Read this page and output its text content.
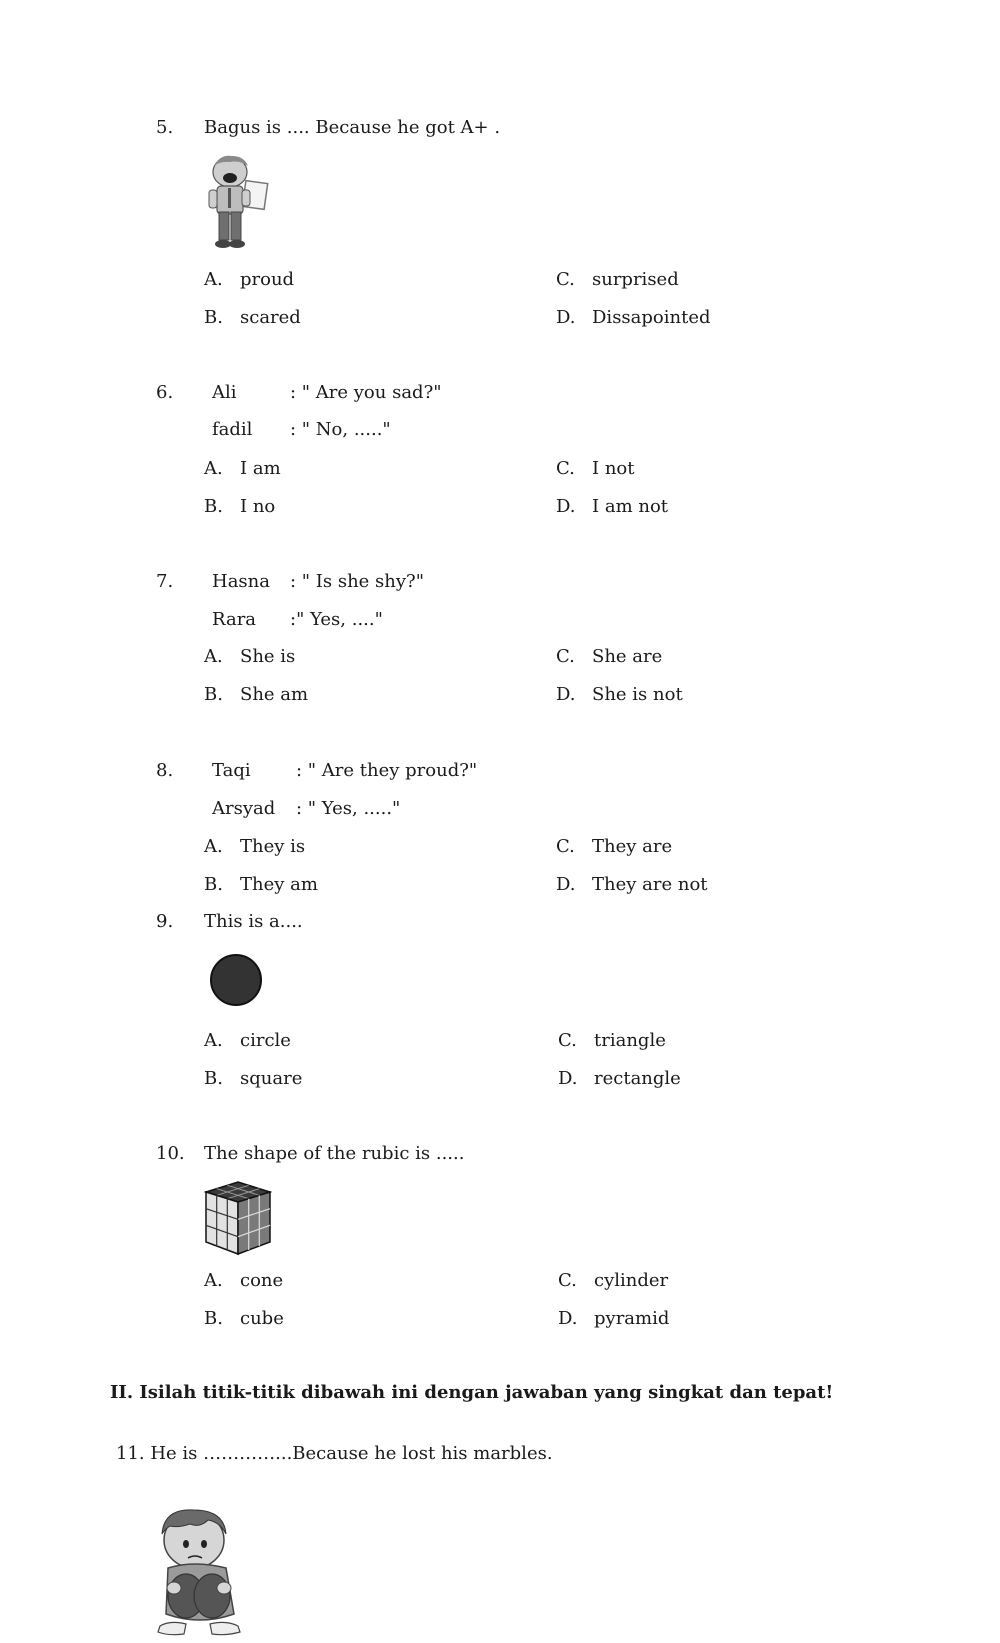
5. Bagus is .... Because he got A+ .
A. proud	C. surprised
B. scared	D. Dissapointed
6. Ali	: " Are you sad?"
fadil : " No, ....."
A. I am	C. I not
B. I no	D. I am not
7. Hasna : " Is she shy?"
Rara :" Yes, ...."
A. She is	C. She are
B. She am	D. She is not
8. Taqi	: " Are they proud?"
Arsyad : " Yes, ....."
A. They is	C. They are
B. They am	D. They are not
9. This is a....
A. circle	C. triangle
B. square	D. rectangle
10. The shape of the rubic is .....
A. cone	C. cylinder
B. cube	D. pyramid
II. Isilah titik-titik dibawah ini dengan jawaban yang singkat dan tepat!
11. He is …………...Because he lost his marbles.
